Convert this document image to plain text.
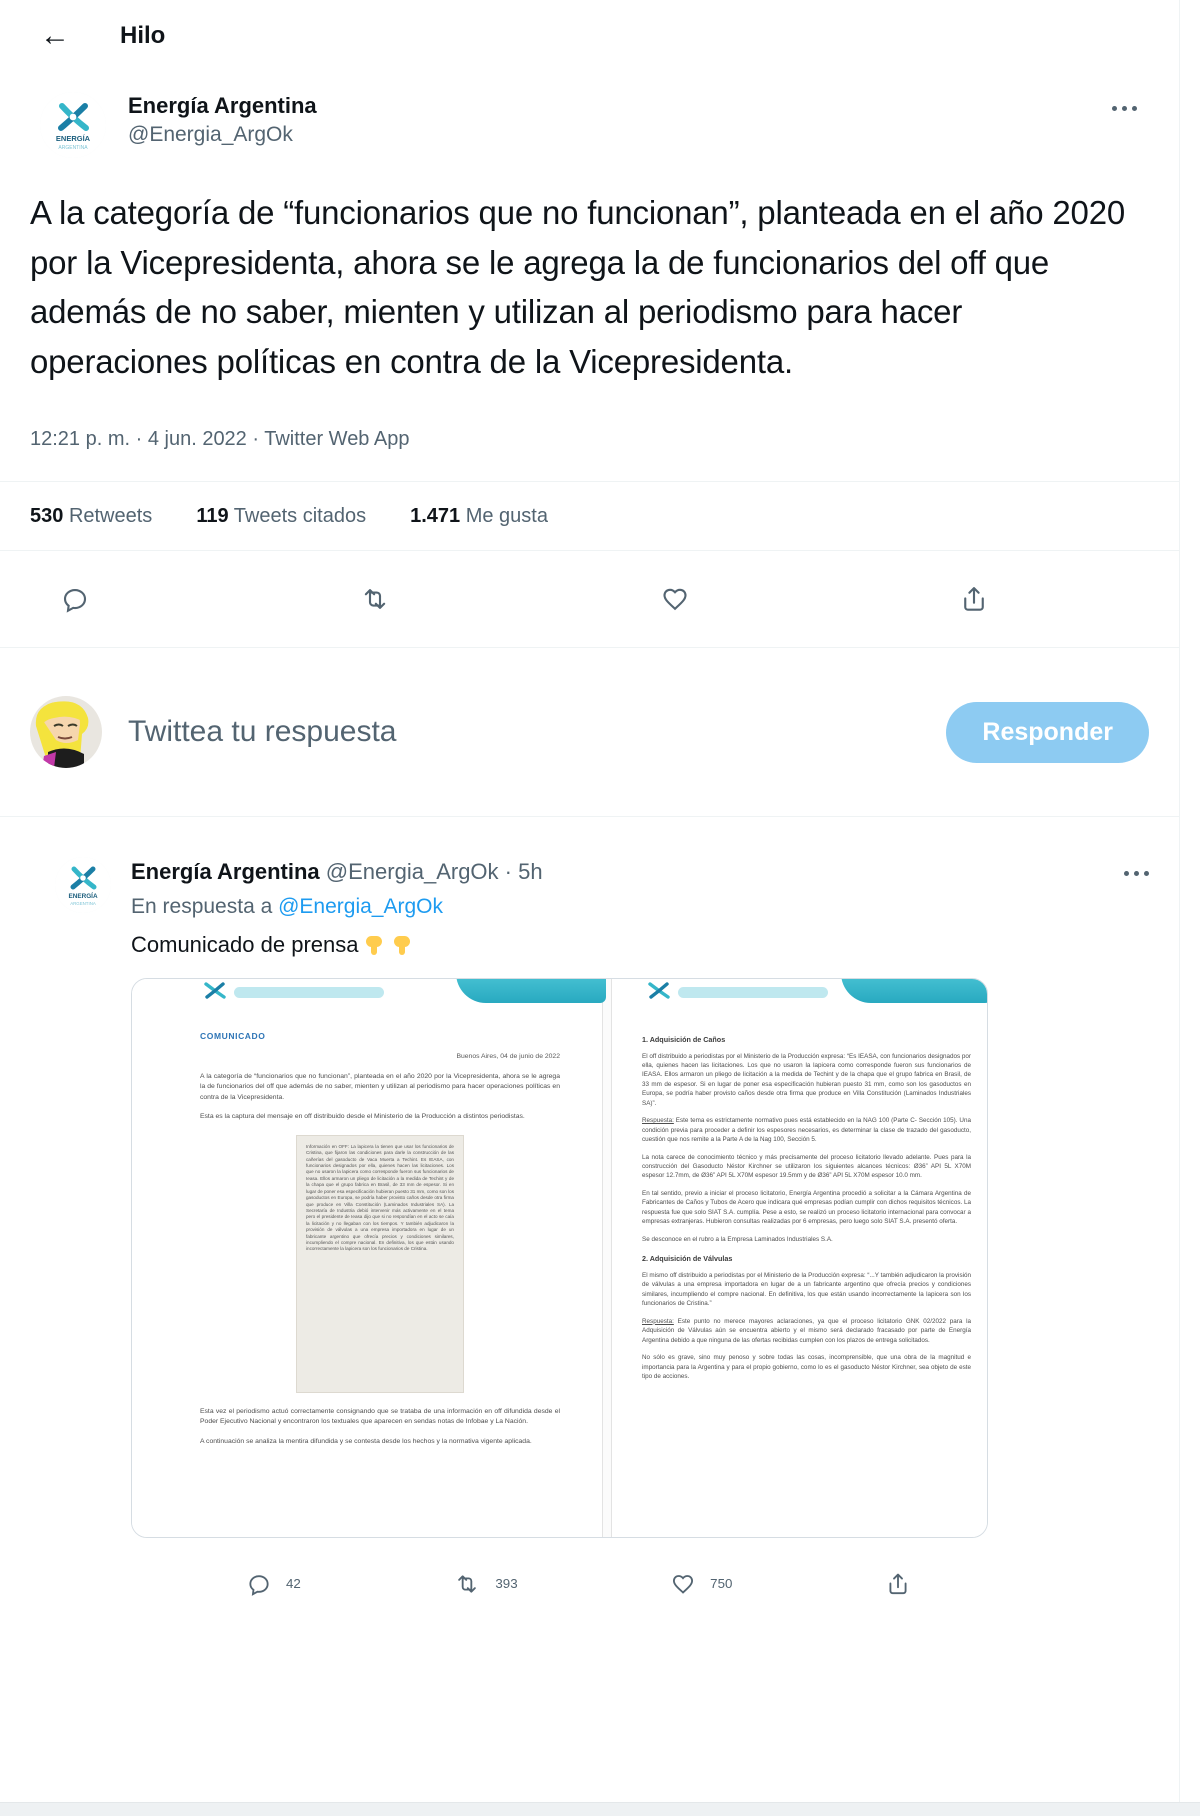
← Hilo
ENERGÍA
ARGENTINA
Energía Argentina
@Energia_ArgOk
A la categoría de “funcionarios que no funcionan”, planteada en el año 2020 por la Vicepresidenta, ahora se le agrega la de funcionarios del off que además de no saber, mienten y utilizan al periodismo para hacer operaciones políticas en contra de la Vicepresidenta.
12:21 p. m. · 4 jun. 2022 · Twitter Web App
530 Retweets 119 Tweets citados 1.471 Me gusta
Twittea tu respuesta	Responder
ENERGÍA
ARGENTINA
Energía Argentina @Energia_ArgOk · 5h
En respuesta a @Energia_ArgOk
Comunicado de prensa
COMUNICADO
Buenos Aires, 04 de junio de 2022

A la categoría de “funcionarios que no funcionan”, planteada en el año 2020 por la Vicepresidenta, ahora se le agrega la de funcionarios del off que además de no saber, mienten y utilizan al periodismo para hacer operaciones políticas en contra de la Vicepresidenta.

Esta es la captura del mensaje en off distribuido desde el Ministerio de la Producción a distintos periodistas.

Información en OFF: La lapicera la tienen que usar los funcionarios de Cristina, que fijaron las condiciones para darle la construcción de las cañerías del gasoducto de Vaca Muerta a Techint. Es IEASA, con funcionarios designados por ella, quienes hacen las licitaciones. Los que no usaron la lapicera como corresponde fueron sus funcionarios de Ieasa. Ellos armaron un pliego de licitación a la medida de Techint y de la chapa que el grupo fabrica en Brasil, de 33 mm de espesor. Si en lugar de poner esa especificación hubieran puesto 31 mm, como son los gasoductos en Europa, se podría haber provisto caños desde otra firma que produce en Villa Constitución (Laminados Industriales SA). La Secretaría de Industria debió intervenir más activamente en el tema pero el presidente de Ieasa dijo que si no respondían en el acto se caía la licitación y no llegaban con los tiempos. Y también adjudicaron la provisión de válvulas a una empresa importadora en lugar de un fabricante argentino que ofrecía precios y condiciones similares, incumpliendo el compre nacional. En definitiva, los que están usando incorrectamente la lapicera son los funcionarios de Cristina.

Esta vez el periodismo actuó correctamente consignando que se trataba de una información en off difundida desde el Poder Ejecutivo Nacional y encontraron los textuales que aparecen en sendas notas de Infobae y La Nación.

A continuación se analiza la mentira difundida y se contesta desde los hechos y la normativa vigente aplicada.

1. Adquisición de Caños

El off distribuido a periodistas por el Ministerio de la Producción expresa: “Es IEASA, con funcionarios designados por ella, quienes hacen las licitaciones. Los que no usaron la lapicera como corresponde fueron sus funcionarios de IEASA. Ellos armaron un pliego de licitación a la medida de Techint y de la chapa que el grupo fabrica en Brasil, de 33 mm de espesor. Si en lugar de poner esa especificación hubieran puesto 31 mm, como son los gasoductos en Europa, se podría haber provisto caños desde otra firma que produce en Villa Constitución (Laminados Industriales SA)”.

Respuesta: Este tema es estrictamente normativo pues está establecido en la NAG 100 (Parte C- Sección 105). Una condición previa para proceder a definir los espesores necesarios, es determinar la clase de trazado del gasoducto, cuestión que nos remite a la Parte A de la Nag 100, Sección 5.

La nota carece de conocimiento técnico y más precisamente del proceso licitatorio llevado adelante. Pues para la construcción del Gasoducto Néstor Kirchner se utilizaron los siguientes alcances técnicos: Ø36” API 5L X70M espesor 12.7mm, de Ø36” API 5L X70M espesor 19.5mm y de Ø36” API 5L X70M espesor 10.0 mm.

En tal sentido, previo a iniciar el proceso licitatorio, Energía Argentina procedió a solicitar a la Cámara Argentina de Fabricantes de Caños y Tubos de Acero que indicara qué empresas podían cumplir con dichos requisitos técnicos. La respuesta fue que solo SIAT S.A. cumplía. Pese a esto, se realizó un proceso licitatorio internacional para convocar a empresas extranjeras. Hubieron consultas realizadas por 6 empresas, pero luego solo SIAT S.A. presentó oferta.

Se desconoce en el rubro a la Empresa Laminados Industriales S.A.

2. Adquisición de Válvulas

El mismo off distribuido a periodistas por el Ministerio de la Producción expresa: “...Y también adjudicaron la provisión de válvulas a una empresa importadora en lugar de a un fabricante argentino que ofrecía precios y condiciones similares, incumpliendo el compre nacional. En definitiva, los que están usando incorrectamente la lapicera son los funcionarios de Cristina.”

Respuesta: Este punto no merece mayores aclaraciones, ya que el proceso licitatorio GNK 02/2022 para la Adquisición de Válvulas aún se encuentra abierto y el mismo será declarado fracasado por parte de Energía Argentina debido a que ninguna de las ofertas recibidas cumplen con los plazos de entrega solicitados.

No sólo es grave, sino muy penoso y sobre todas las cosas, incomprensible, que una obra de la magnitud e importancia para la Argentina y para el propio gobierno, como lo es el gasoducto Néstor Kirchner, sea objeto de este tipo de acciones.

42	393	750
